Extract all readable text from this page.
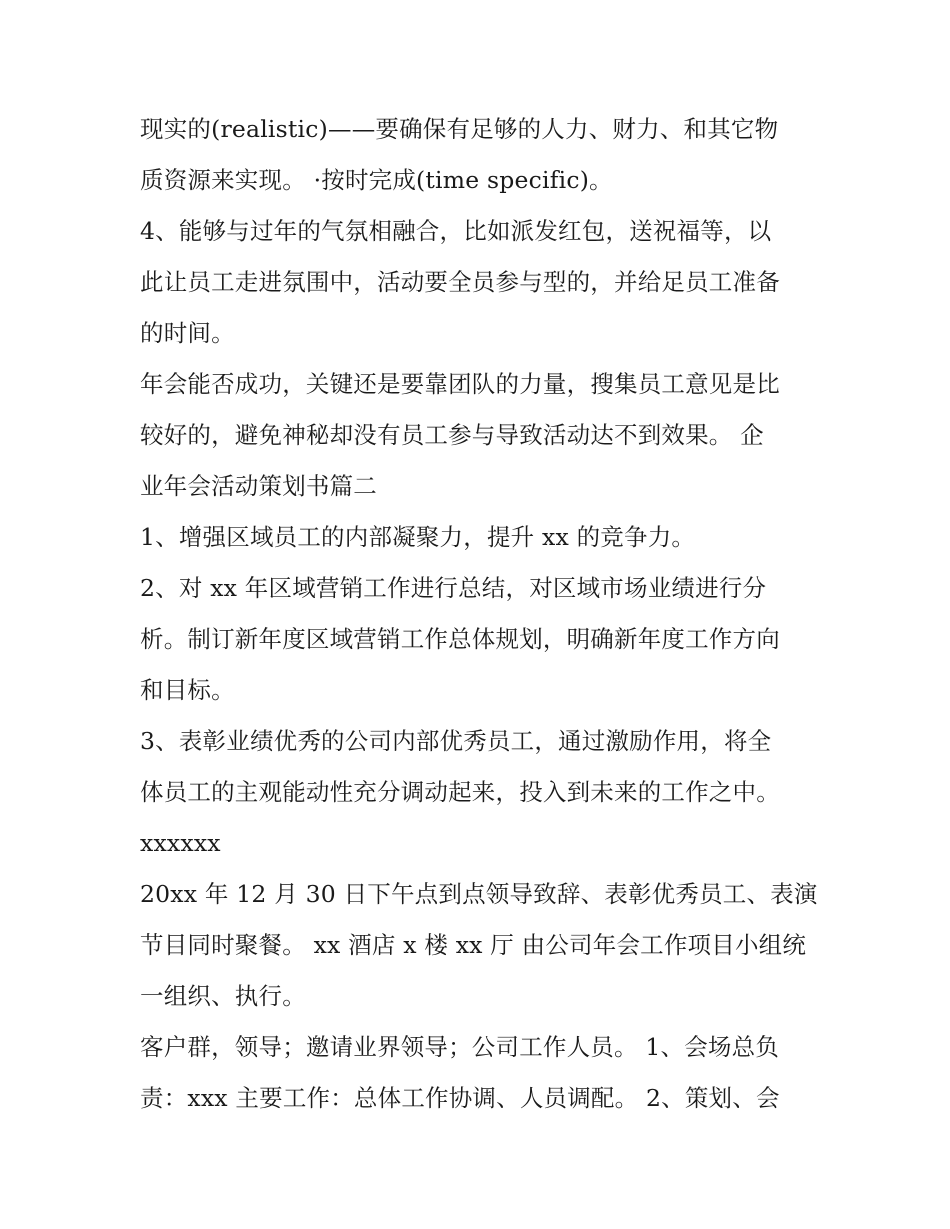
现实的(realistic)——要确保有足够的人力、财力、和其它物
质资源来实现。 ·按时完成(time specific)。
4、能够与过年的气氛相融合，比如派发红包，送祝福等，以
此让员工走进氛围中，活动要全员参与型的，并给足员工准备
的时间。
年会能否成功，关键还是要靠团队的力量，搜集员工意见是比
较好的，避免神秘却没有员工参与导致活动达不到效果。 企
业年会活动策划书篇二
1、增强区域员工的内部凝聚力，提升 xx 的竞争力。
2、对 xx 年区域营销工作进行总结，对区域市场业绩进行分
析。制订新年度区域营销工作总体规划，明确新年度工作方向
和目标。
3、表彰业绩优秀的公司内部优秀员工，通过激励作用，将全
体员工的主观能动性充分调动起来，投入到未来的工作之中。
xxxxxx
20xx 年 12 月 30 日下午点到点领导致辞、表彰优秀员工、表演
节目同时聚餐。 xx 酒店 x 楼 xx 厅 由公司年会工作项目小组统
一组织、执行。
客户群，领导；邀请业界领导；公司工作人员。 1、会场总负
责：xxx 主要工作：总体工作协调、人员调配。 2、策划、会
